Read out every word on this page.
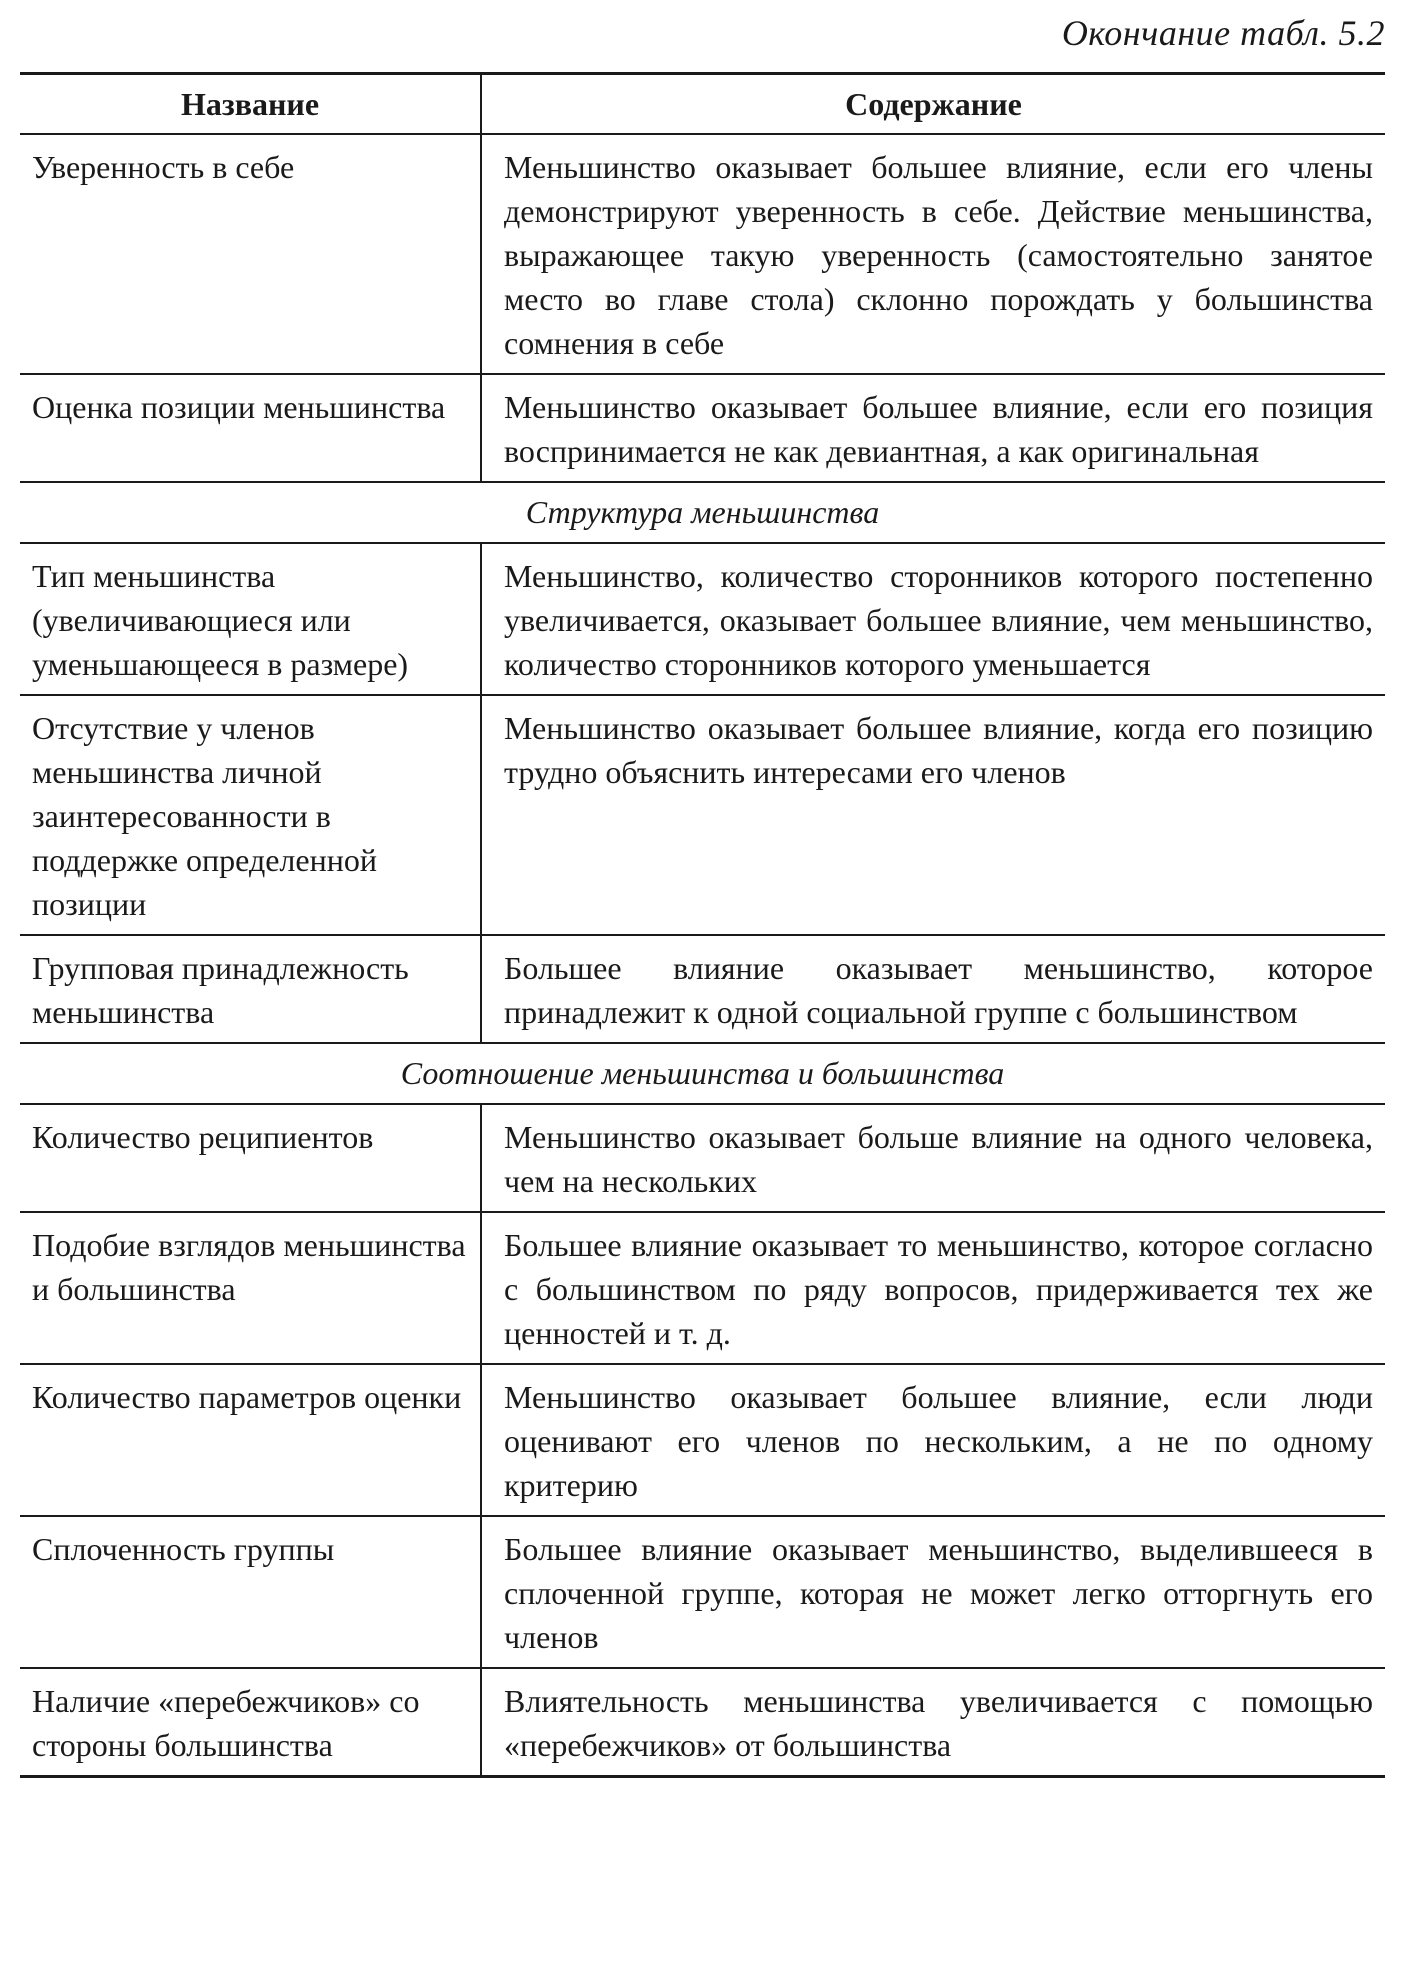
Окончание табл. 5.2
Название	Содержание
Уверенность в себе	Меньшинство оказывает большее влияние, если его члены демонстрируют уверенность в себе. Действие меньшинства, выражающее такую уверенность (самостоятельно занятое место во главе стола) склонно порождать у большинства сомнения в себе
Оценка позиции меньшинства	Меньшинство оказывает большее влияние, если его позиция воспринимается не как девиантная, а как оригинальная
Структура меньшинства	
Тип меньшинства (увеличивающиеся или уменьшающееся в размере)	Меньшинство, количество сторонников которого постепенно увеличивается, оказывает большее влияние, чем меньшинство, количество сторонников которого уменьшается
Отсутствие у членов меньшинства личной заинтересованности в поддержке определенной позиции	Меньшинство оказывает большее влияние, когда его позицию трудно объяснить интересами его членов
Групповая принадлежность меньшинства	Большее влияние оказывает меньшинство, которое принадлежит к одной социальной группе с большинством
Соотношение меньшинства и большинства	
Количество реципиентов	Меньшинство оказывает больше влияние на одного человека, чем на нескольких
Подобие взглядов меньшинства и большинства	Большее влияние оказывает то меньшинство, которое согласно с большинством по ряду вопросов, придерживается тех же ценностей и т. д.
Количество параметров оценки	Меньшинство оказывает большее влияние, если люди оценивают его членов по нескольким, а не по одному критерию
Сплоченность группы	Большее влияние оказывает меньшинство, выделившееся в сплоченной группе, которая не может легко отторгнуть его членов
Наличие «перебежчиков» со стороны большинства	Влиятельность меньшинства увеличивается с помощью «перебежчиков» от большинства
